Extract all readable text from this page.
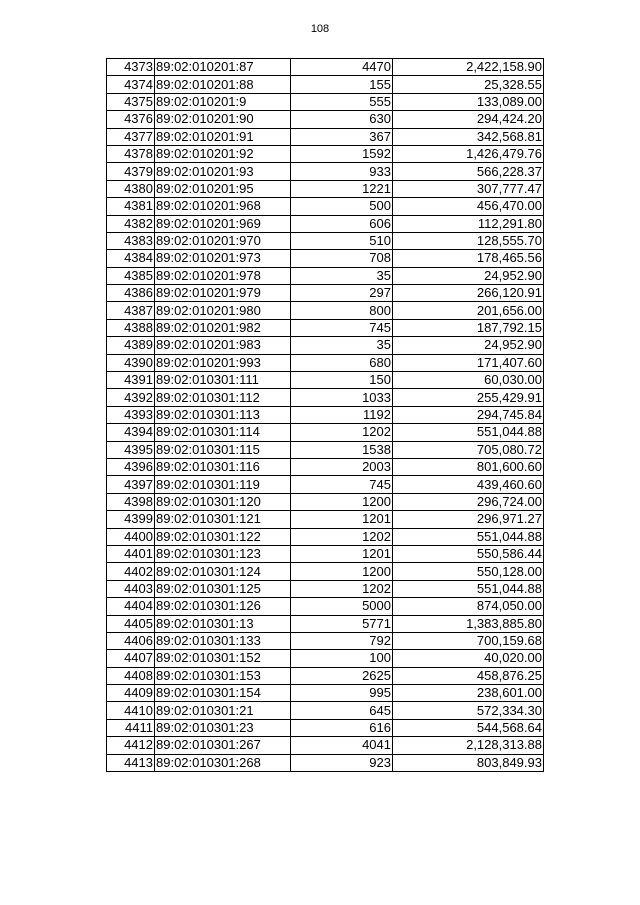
108
4373	89:02:010201:87	4470	2,422,158.90
4374	89:02:010201:88	155	25,328.55
4375	89:02:010201:9	555	133,089.00
4376	89:02:010201:90	630	294,424.20
4377	89:02:010201:91	367	342,568.81
4378	89:02:010201:92	1592	1,426,479.76
4379	89:02:010201:93	933	566,228.37
4380	89:02:010201:95	1221	307,777.47
4381	89:02:010201:968	500	456,470.00
4382	89:02:010201:969	606	112,291.80
4383	89:02:010201:970	510	128,555.70
4384	89:02:010201:973	708	178,465.56
4385	89:02:010201:978	35	24,952.90
4386	89:02:010201:979	297	266,120.91
4387	89:02:010201:980	800	201,656.00
4388	89:02:010201:982	745	187,792.15
4389	89:02:010201:983	35	24,952.90
4390	89:02:010201:993	680	171,407.60
4391	89:02:010301:111	150	60,030.00
4392	89:02:010301:112	1033	255,429.91
4393	89:02:010301:113	1192	294,745.84
4394	89:02:010301:114	1202	551,044.88
4395	89:02:010301:115	1538	705,080.72
4396	89:02:010301:116	2003	801,600.60
4397	89:02:010301:119	745	439,460.60
4398	89:02:010301:120	1200	296,724.00
4399	89:02:010301:121	1201	296,971.27
4400	89:02:010301:122	1202	551,044.88
4401	89:02:010301:123	1201	550,586.44
4402	89:02:010301:124	1200	550,128.00
4403	89:02:010301:125	1202	551,044.88
4404	89:02:010301:126	5000	874,050.00
4405	89:02:010301:13	5771	1,383,885.80
4406	89:02:010301:133	792	700,159.68
4407	89:02:010301:152	100	40,020.00
4408	89:02:010301:153	2625	458,876.25
4409	89:02:010301:154	995	238,601.00
4410	89:02:010301:21	645	572,334.30
4411	89:02:010301:23	616	544,568.64
4412	89:02:010301:267	4041	2,128,313.88
4413	89:02:010301:268	923	803,849.93
